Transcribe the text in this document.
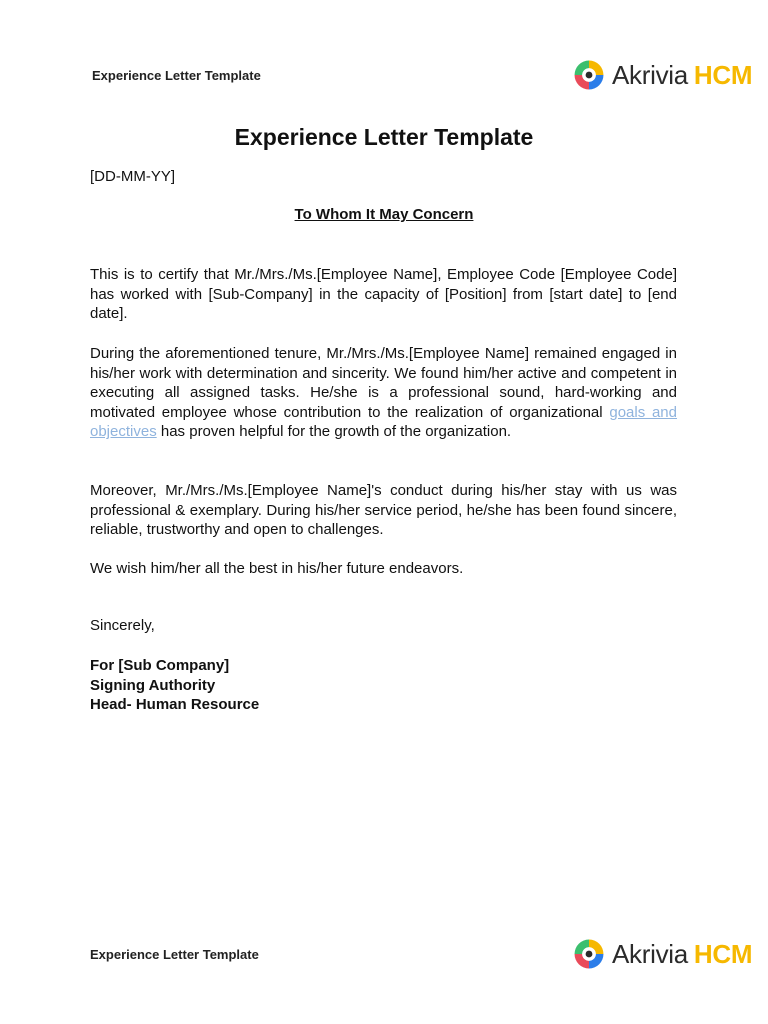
Experience Letter Template	Akrivia HCM
Experience Letter Template
[DD-MM-YY]
To Whom It May Concern
This is to certify that Mr./Mrs./Ms.[Employee Name], Employee Code [Employee Code] has worked with [Sub-Company] in the capacity of [Position] from [start date] to [end date].
During the aforementioned tenure, Mr./Mrs./Ms.[Employee Name] remained engaged in his/her work with determination and sincerity. We found him/her active and competent in executing all assigned tasks. He/she is a professional sound, hard-working and motivated employee whose contribution to the realization of organizational goals and objectives has proven helpful for the growth of the organization.
Moreover, Mr./Mrs./Ms.[Employee Name]'s conduct during his/her stay with us was professional & exemplary. During his/her service period, he/she has been found sincere, reliable, trustworthy and open to challenges.
We wish him/her all the best in his/her future endeavors.
Sincerely,
For [Sub Company]
Signing Authority
Head- Human Resource
Experience Letter Template	Akrivia HCM
